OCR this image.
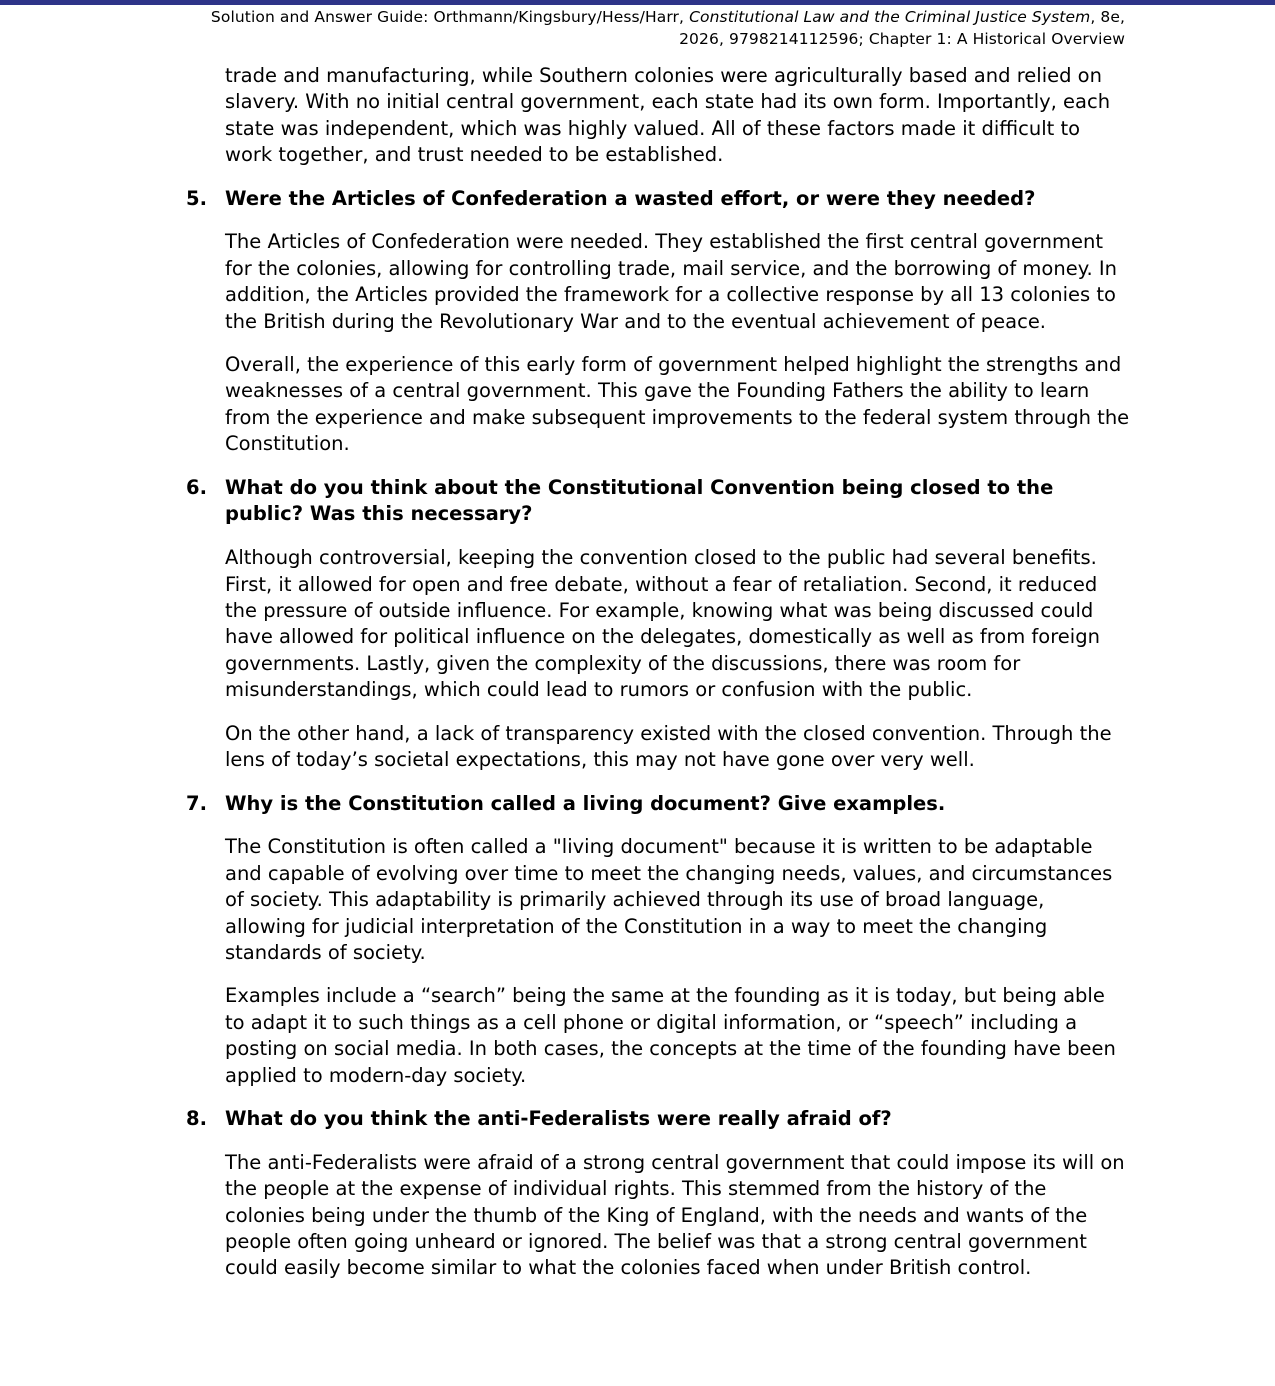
Solution and Answer Guide: Orthmann/Kingsbury/Hess/Harr, Constitutional Law and the Criminal Justice System, 8e,
2026, 9798214112596; Chapter 1: A Historical Overview

trade and manufacturing, while Southern colonies were agriculturally based and relied on slavery. With no initial central government, each state had its own form. Importantly, each state was independent, which was highly valued. All of these factors made it difficult to work together, and trust needed to be established.

5. Were the Articles of Confederation a wasted effort, or were they needed?

The Articles of Confederation were needed. They established the first central government for the colonies, allowing for controlling trade, mail service, and the borrowing of money. In addition, the Articles provided the framework for a collective response by all 13 colonies to the British during the Revolutionary War and to the eventual achievement of peace.

Overall, the experience of this early form of government helped highlight the strengths and weaknesses of a central government. This gave the Founding Fathers the ability to learn from the experience and make subsequent improvements to the federal system through the Constitution.

6. What do you think about the Constitutional Convention being closed to the public? Was this necessary?

Although controversial, keeping the convention closed to the public had several benefits. First, it allowed for open and free debate, without a fear of retaliation. Second, it reduced the pressure of outside influence. For example, knowing what was being discussed could have allowed for political influence on the delegates, domestically as well as from foreign governments. Lastly, given the complexity of the discussions, there was room for misunderstandings, which could lead to rumors or confusion with the public.

On the other hand, a lack of transparency existed with the closed convention. Through the lens of today’s societal expectations, this may not have gone over very well.

7. Why is the Constitution called a living document? Give examples.

The Constitution is often called a "living document" because it is written to be adaptable and capable of evolving over time to meet the changing needs, values, and circumstances of society. This adaptability is primarily achieved through its use of broad language, allowing for judicial interpretation of the Constitution in a way to meet the changing standards of society.

Examples include a “search” being the same at the founding as it is today, but being able to adapt it to such things as a cell phone or digital information, or “speech” including a posting on social media. In both cases, the concepts at the time of the founding have been applied to modern-day society.

8. What do you think the anti-Federalists were really afraid of?

The anti-Federalists were afraid of a strong central government that could impose its will on the people at the expense of individual rights. This stemmed from the history of the colonies being under the thumb of the King of England, with the needs and wants of the people often going unheard or ignored. The belief was that a strong central government could easily become similar to what the colonies faced when under British control.
